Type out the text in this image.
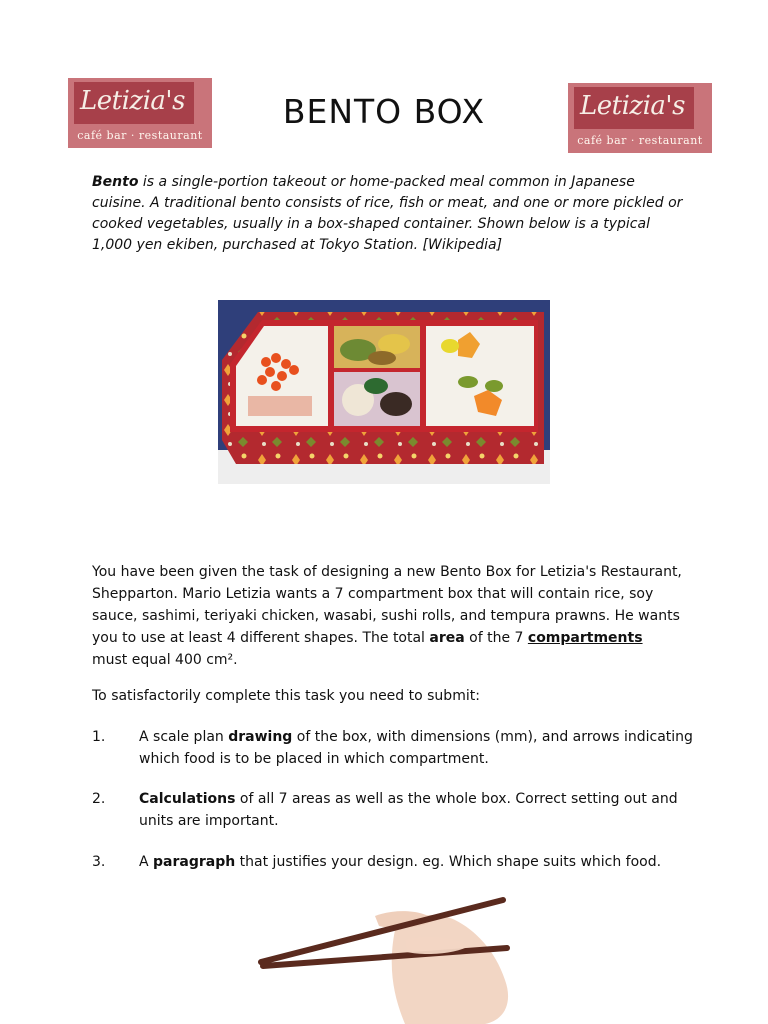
Letizia's
café bar · restaurant
Letizia's
café bar · restaurant
BENTO BOX

Bento is a single-portion takeout or home-packed meal common in Japanese cuisine. A traditional bento consists of rice, fish or meat, and one or more pickled or cooked vegetables, usually in a box-shaped container. Shown below is a typical 1,000 yen ekiben, purchased at Tokyo Station. [Wikipedia]

You have been given the task of designing a new Bento Box for Letizia's Restaurant, Shepparton. Mario Letizia wants a 7 compartment box that will contain rice, soy sauce, sashimi, teriyaki chicken, wasabi, sushi rolls, and tempura prawns. He wants you to use at least 4 different shapes. The total area of the 7 compartments must equal 400 cm².

To satisfactorily complete this task you need to submit:

1. A scale plan drawing of the box, with dimensions (mm), and arrows indicating which food is to be placed in which compartment.
2. Calculations of all 7 areas as well as the whole box. Correct setting out and units are important.
3. A paragraph that justifies your design. eg. Which shape suits which food.
